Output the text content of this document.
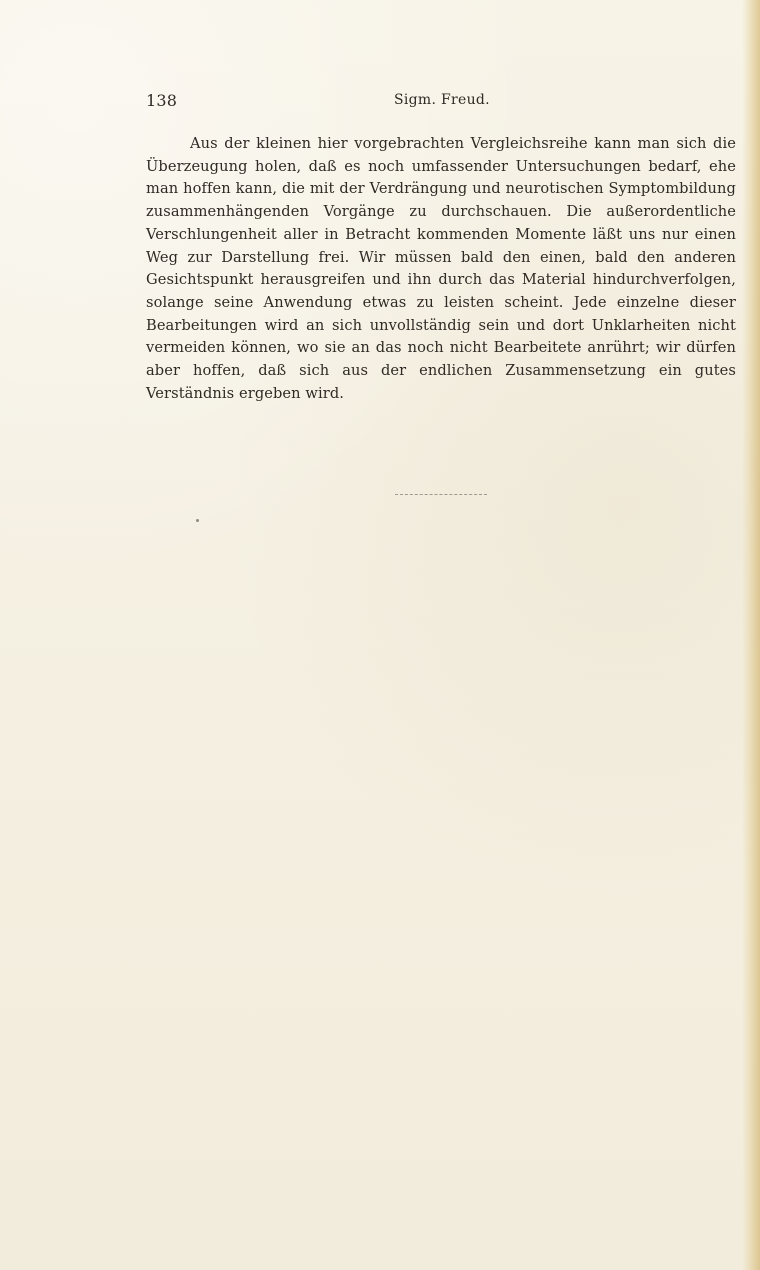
138	Sigm. Freud.

Aus der kleinen hier vorgebrachten Vergleichsreihe kann man sich die Überzeugung holen, daß es noch umfassender Untersuchungen bedarf, ehe man hoffen kann, die mit der Verdrängung und neurotischen Symptombildung zusammenhängenden Vorgänge zu durchschauen. Die außerordentliche Verschlungenheit aller in Betracht kommenden Momente läßt uns nur einen Weg zur Darstellung frei. Wir müssen bald den einen, bald den anderen Gesichtspunkt herausgreifen und ihn durch das Material hindurchverfolgen, solange seine Anwendung etwas zu leisten scheint. Jede einzelne dieser Bearbeitungen wird an sich unvollständig sein und dort Unklarheiten nicht vermeiden können, wo sie an das noch nicht Bearbeitete anrührt; wir dürfen aber hoffen, daß sich aus der endlichen Zusammensetzung ein gutes Verständnis ergeben wird.
